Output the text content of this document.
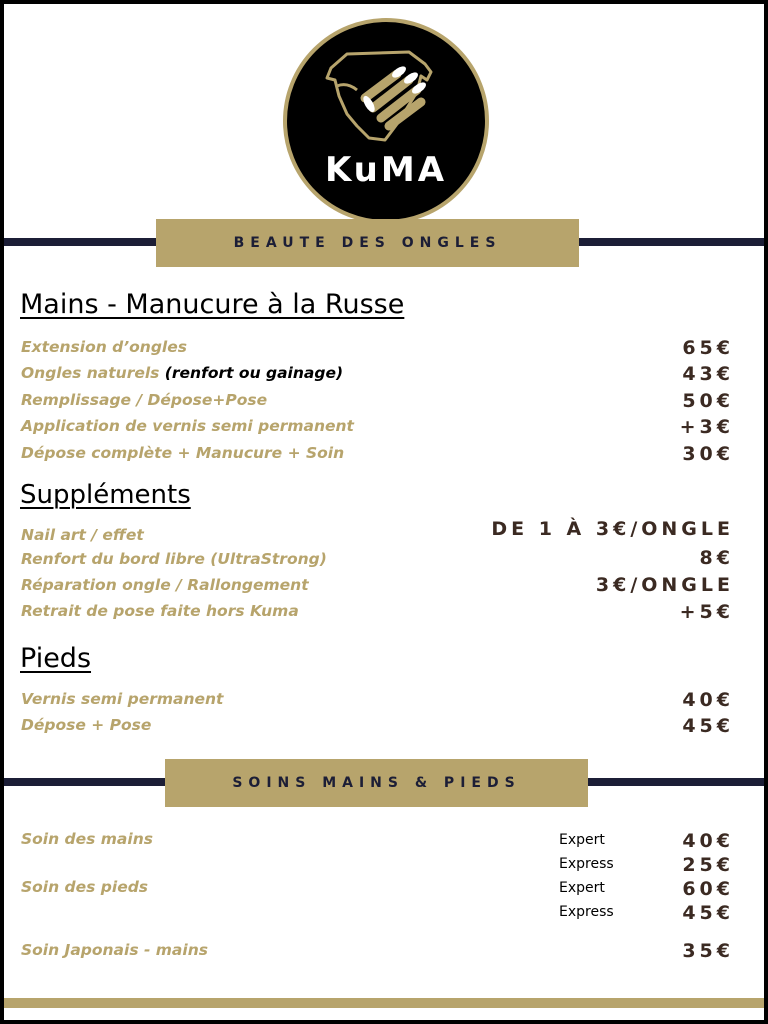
KuMA
BEAUTE DES ONGLES
Mains - Manucure à la Russe
Extension d’ongles	65€
Ongles naturels (renfort ou gainage)	43€
Remplissage / Dépose+Pose	50€
Application de vernis semi permanent	+3€
Dépose complète + Manucure + Soin	30€
Suppléments
Nail art / effet	DE 1 À 3€/ONGLE
Renfort du bord libre (UltraStrong)	8€
Réparation ongle / Rallongement	3€/ONGLE
Retrait de pose faite hors Kuma	+5€
Pieds
Vernis semi permanent	40€
Dépose + Pose	45€
SOINS MAINS & PIEDS
Soin des mains	Expert	40€
Express	25€
Soin des pieds	Expert	60€
Express	45€
Soin Japonais - mains	35€
